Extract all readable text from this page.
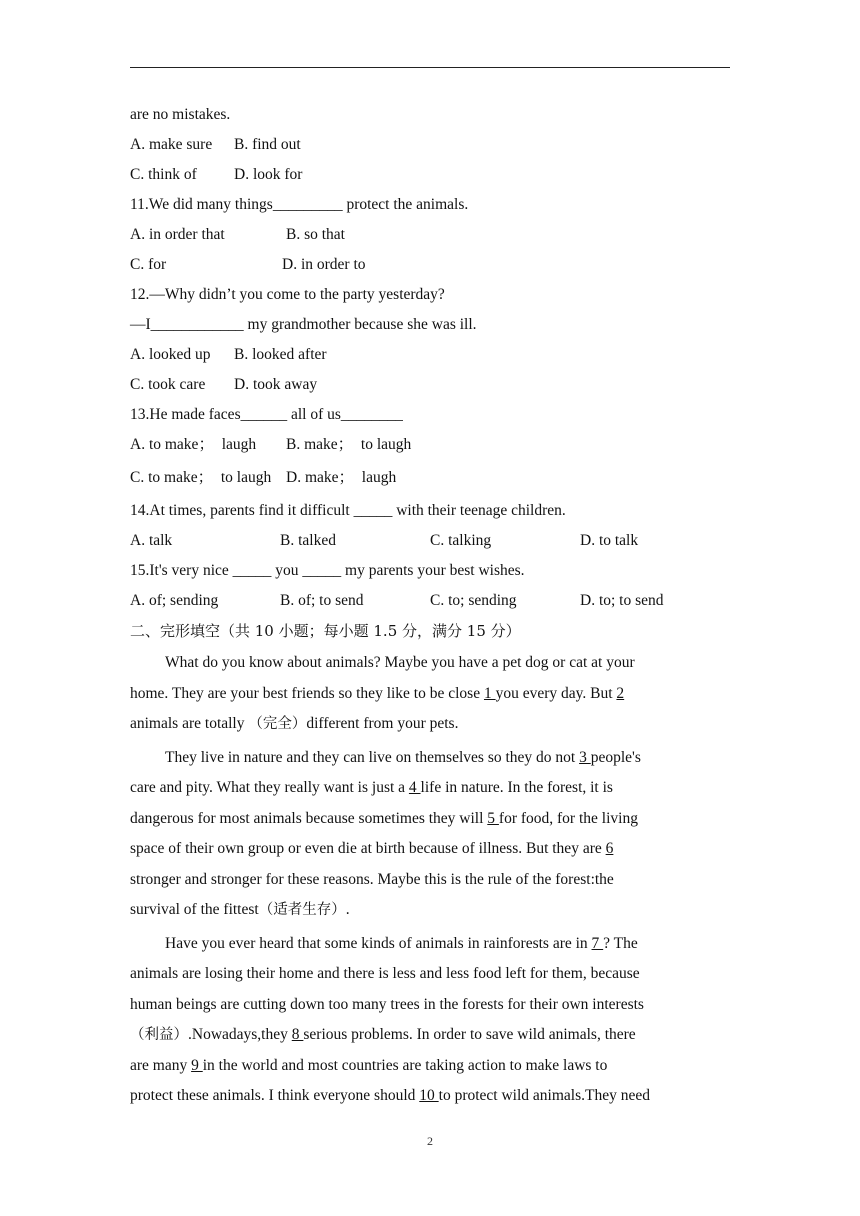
are no mistakes.
A. make sure B. find out
C. think of D. look for
11.We did many things_________ protect the animals.
A. in order that	B. so that
C. for	D. in order to
12.—Why didn’t you come to the party yesterday?
—I____________ my grandmother because she was ill.
A. looked up B. looked after
C. took care D. took away
13.He made faces______ all of us________
A. to make；  laugh B. make；  to laugh
C. to make；  to laugh D. make；  laugh
14.At times, parents find it difficult _____ with their teenage children.
A. talk	B. talked	C. talking	D. to talk
15.It's very nice _____ you _____ my parents your best wishes.
A. of; sending	B. of; to send	C. to; sending	D. to; to send
二、完形填空（共 10 小题；每小题 1.5 分，满分 15 分）
What do you know about animals? Maybe you have a pet dog or cat at your
home. They are your best friends so they like to be close 1 you every day. But 2
animals are totally （完全）different from your pets.
They live in nature and they can live on themselves so they do not 3 people's
care and pity. What they really want is just a 4 life in nature. In the forest, it is
dangerous for most animals because sometimes they will 5 for food, for the living
space of their own group or even die at birth because of illness. But they are 6
stronger and stronger for these reasons. Maybe this is the rule of the forest:the
survival of the fittest（适者生存）.
Have you ever heard that some kinds of animals in rainforests are in 7 ? The
animals are losing their home and there is less and less food left for them, because
human beings are cutting down too many trees in the forests for their own interests
（利益）.Nowadays,they 8 serious problems. In order to save wild animals, there
are many 9 in the world and most countries are taking action to make laws to
protect these animals. I think everyone should 10 to protect wild animals.They need
2
